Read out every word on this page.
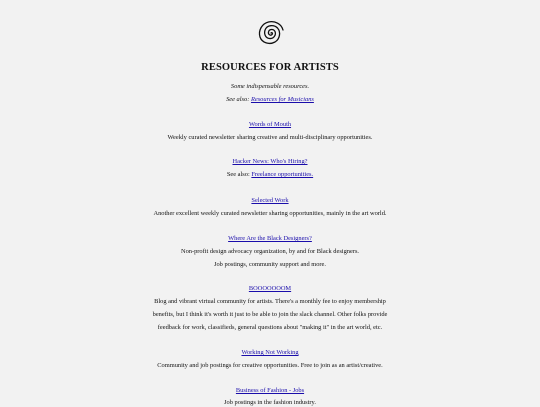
RESOURCES FOR ARTISTS
Some indispensable resources.
See also: Resources for Musicians
Words of Mouth
Weekly curated newsletter sharing creative and multi-disciplinary opportunities.
Hacker News: Who's Hiring?
See also: Freelance opportunities.
Selected Work
Another excellent weekly curated newsletter sharing opportunities, mainly in the art world.
Where Are the Black Designers?
Non-profit design advocacy organization, by and for Black designers.
Job postings, community support and more.
BOOOOOOOM
Blog and vibrant virtual community for artists. There's a monthly fee to enjoy membership
benefits, but I think it's worth it just to be able to join the slack channel. Other folks provide
feedback for work, classifieds, general questions about "making it" in the art world, etc.
Working Not Working
Community and job postings for creative opportunities. Free to join as an artist/creative.
Business of Fashion - Jobs
Job postings in the fashion industry.
